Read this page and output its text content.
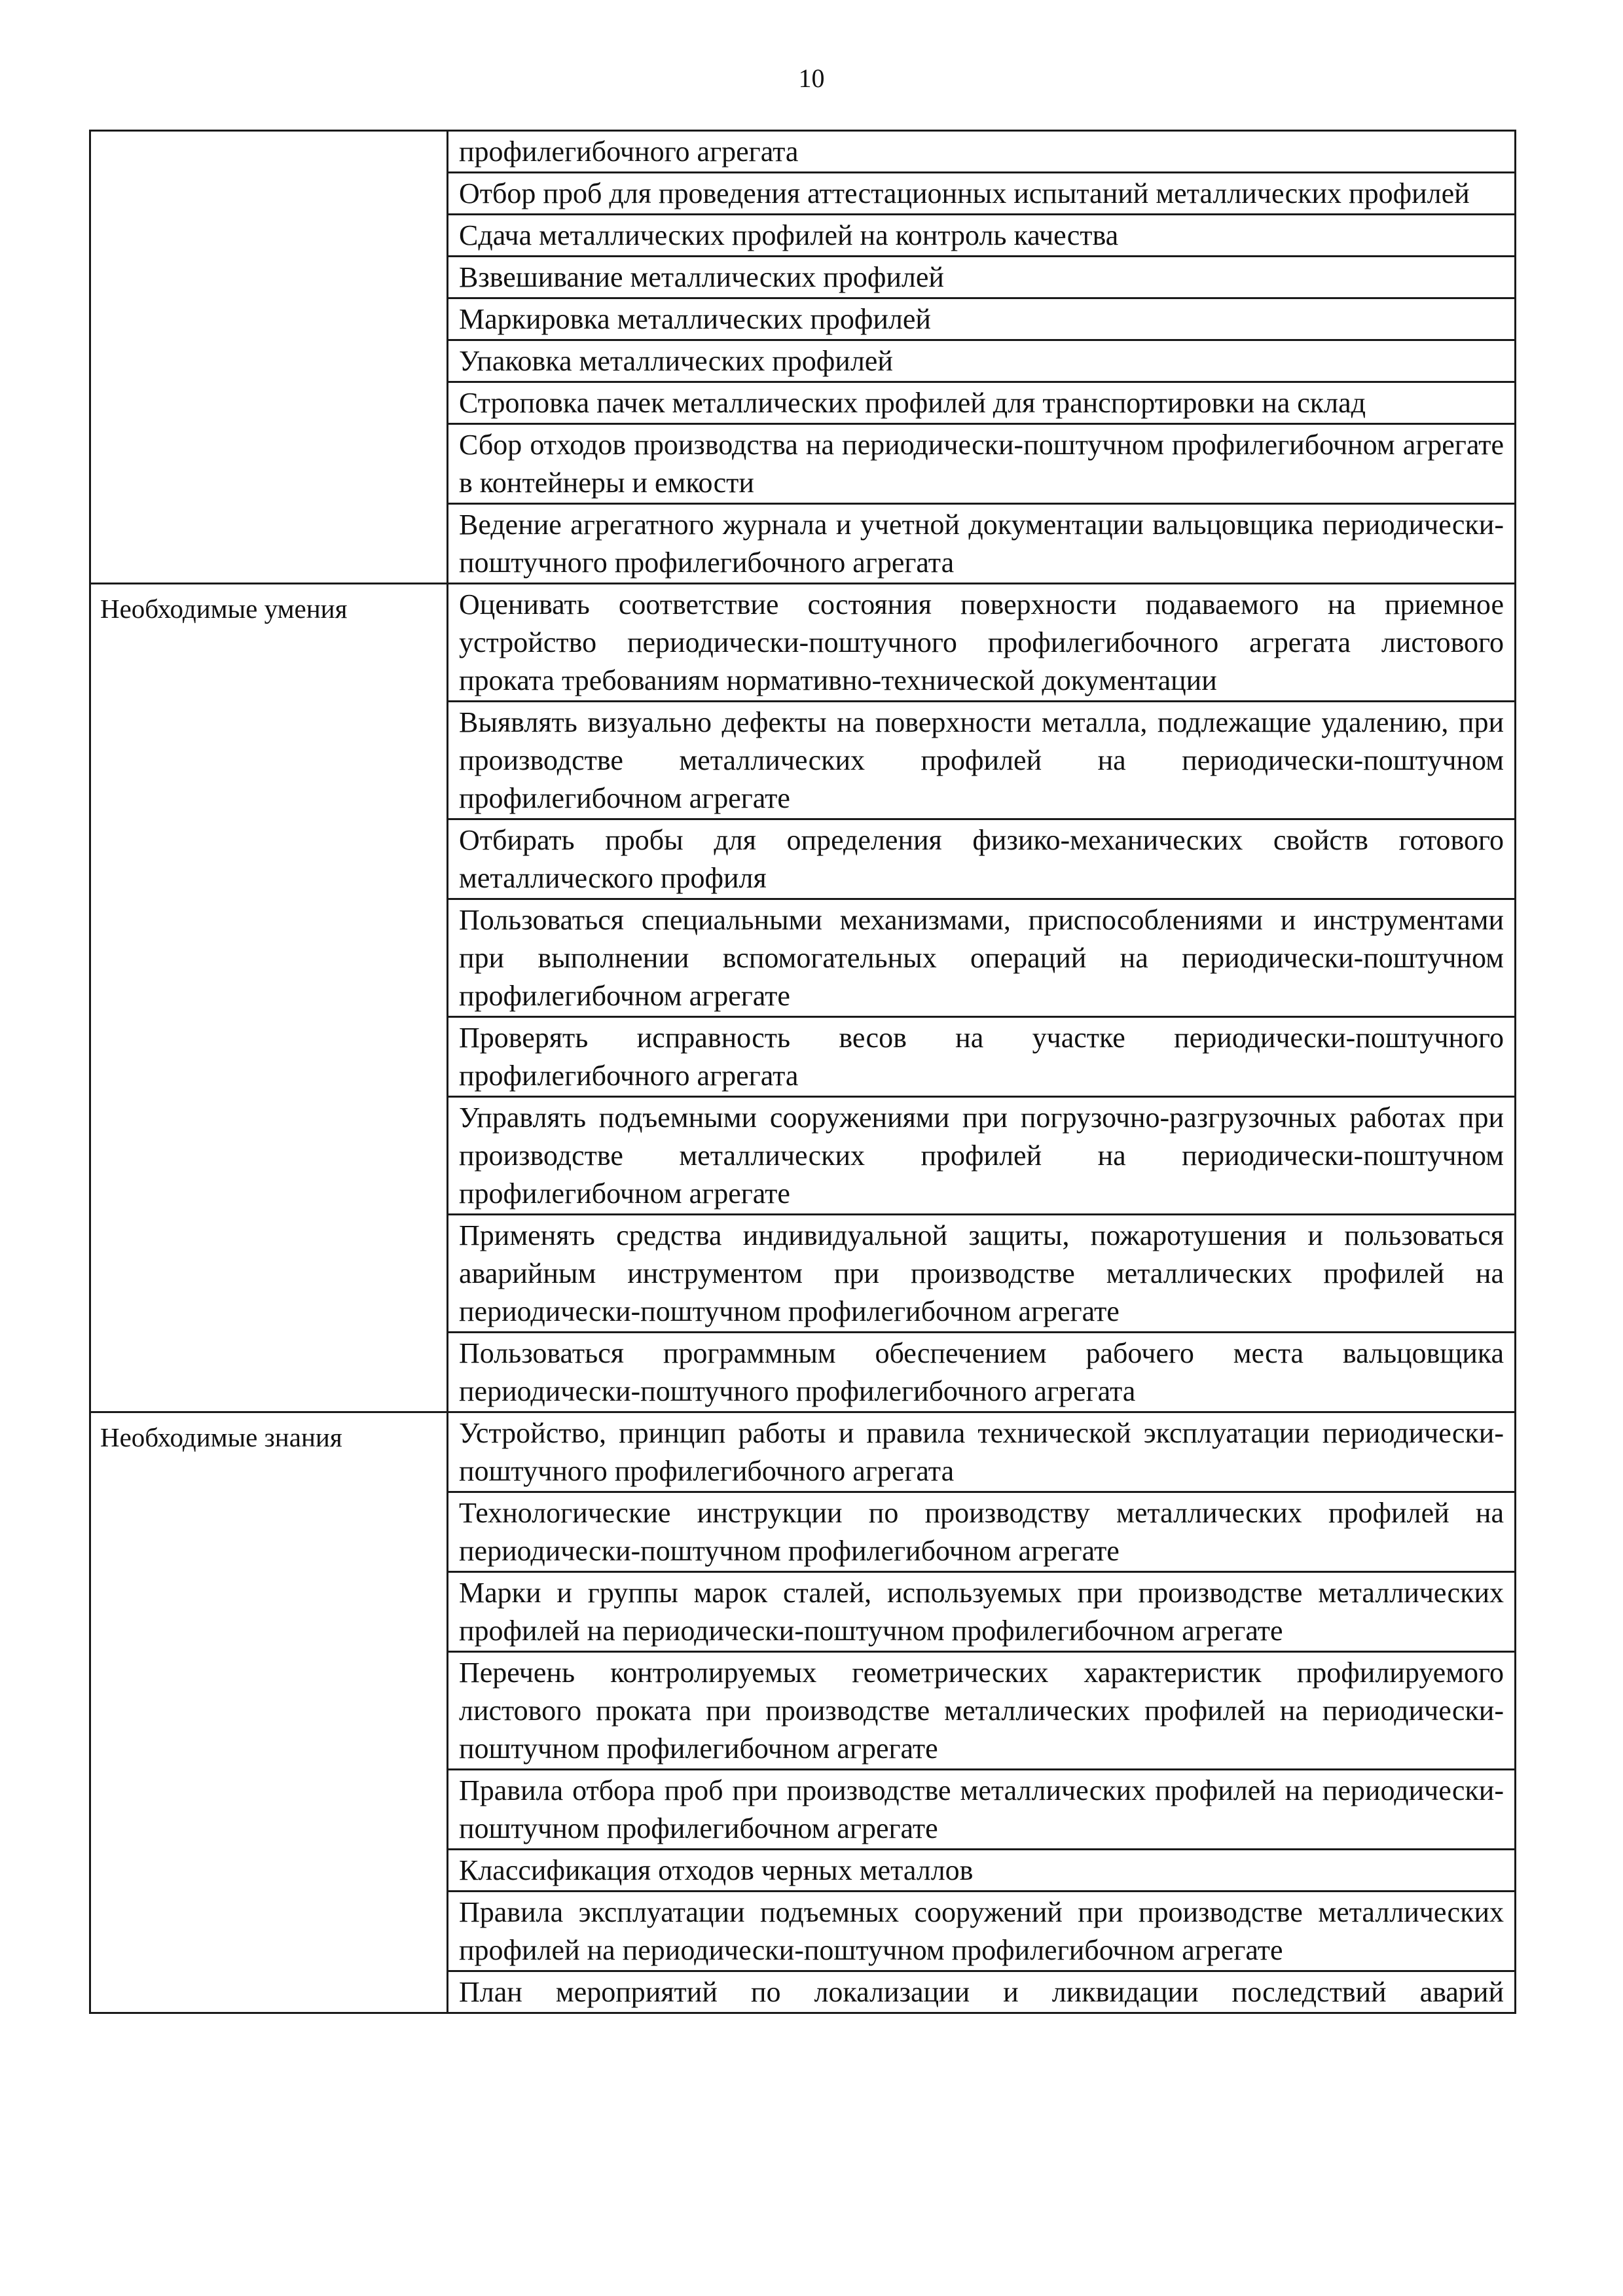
10
профилегибочного агрегата
Отбор проб для проведения аттестационных испытаний металлических профилей
Сдача металлических профилей на контроль качества
Взвешивание металлических профилей
Маркировка металлических профилей
Упаковка металлических профилей
Строповка пачек металлических профилей для транспортировки на склад
Сбор отходов производства на периодически-поштучном профилегибочном агрегате в контейнеры и емкости
Ведение агрегатного журнала и учетной документации вальцовщика периодически-поштучного профилегибочного агрегата
Необходимые умения	Оценивать соответствие состояния поверхности подаваемого на приемное устройство периодически-поштучного профилегибочного агрегата листового проката требованиям нормативно-технической документации
Выявлять визуально дефекты на поверхности металла, подлежащие удалению, при производстве металлических профилей на периодически-поштучном профилегибочном агрегате
Отбирать пробы для определения физико-механических свойств готового металлического профиля
Пользоваться специальными механизмами, приспособлениями и инструментами при выполнении вспомогательных операций на периодически-поштучном профилегибочном агрегате
Проверять исправность весов на участке периодически-поштучного профилегибочного агрегата
Управлять подъемными сооружениями при погрузочно-разгрузочных работах при производстве металлических профилей на периодически-поштучном профилегибочном агрегате
Применять средства индивидуальной защиты, пожаротушения и пользоваться аварийным инструментом при производстве металлических профилей на периодически-поштучном профилегибочном агрегате
Пользоваться программным обеспечением рабочего места вальцовщика периодически-поштучного профилегибочного агрегата
Необходимые знания	Устройство, принцип работы и правила технической эксплуатации периодически-поштучного профилегибочного агрегата
Технологические инструкции по производству металлических профилей на периодически-поштучном профилегибочном агрегате
Марки и группы марок сталей, используемых при производстве металлических профилей на периодически-поштучном профилегибочном агрегате
Перечень контролируемых геометрических характеристик профилируемого листового проката при производстве металлических профилей на периодически-поштучном профилегибочном агрегате
Правила отбора проб при производстве металлических профилей на периодически-поштучном профилегибочном агрегате
Классификация отходов черных металлов
Правила эксплуатации подъемных сооружений при производстве металлических профилей на периодически-поштучном профилегибочном агрегате
План мероприятий по локализации и ликвидации последствий аварий
